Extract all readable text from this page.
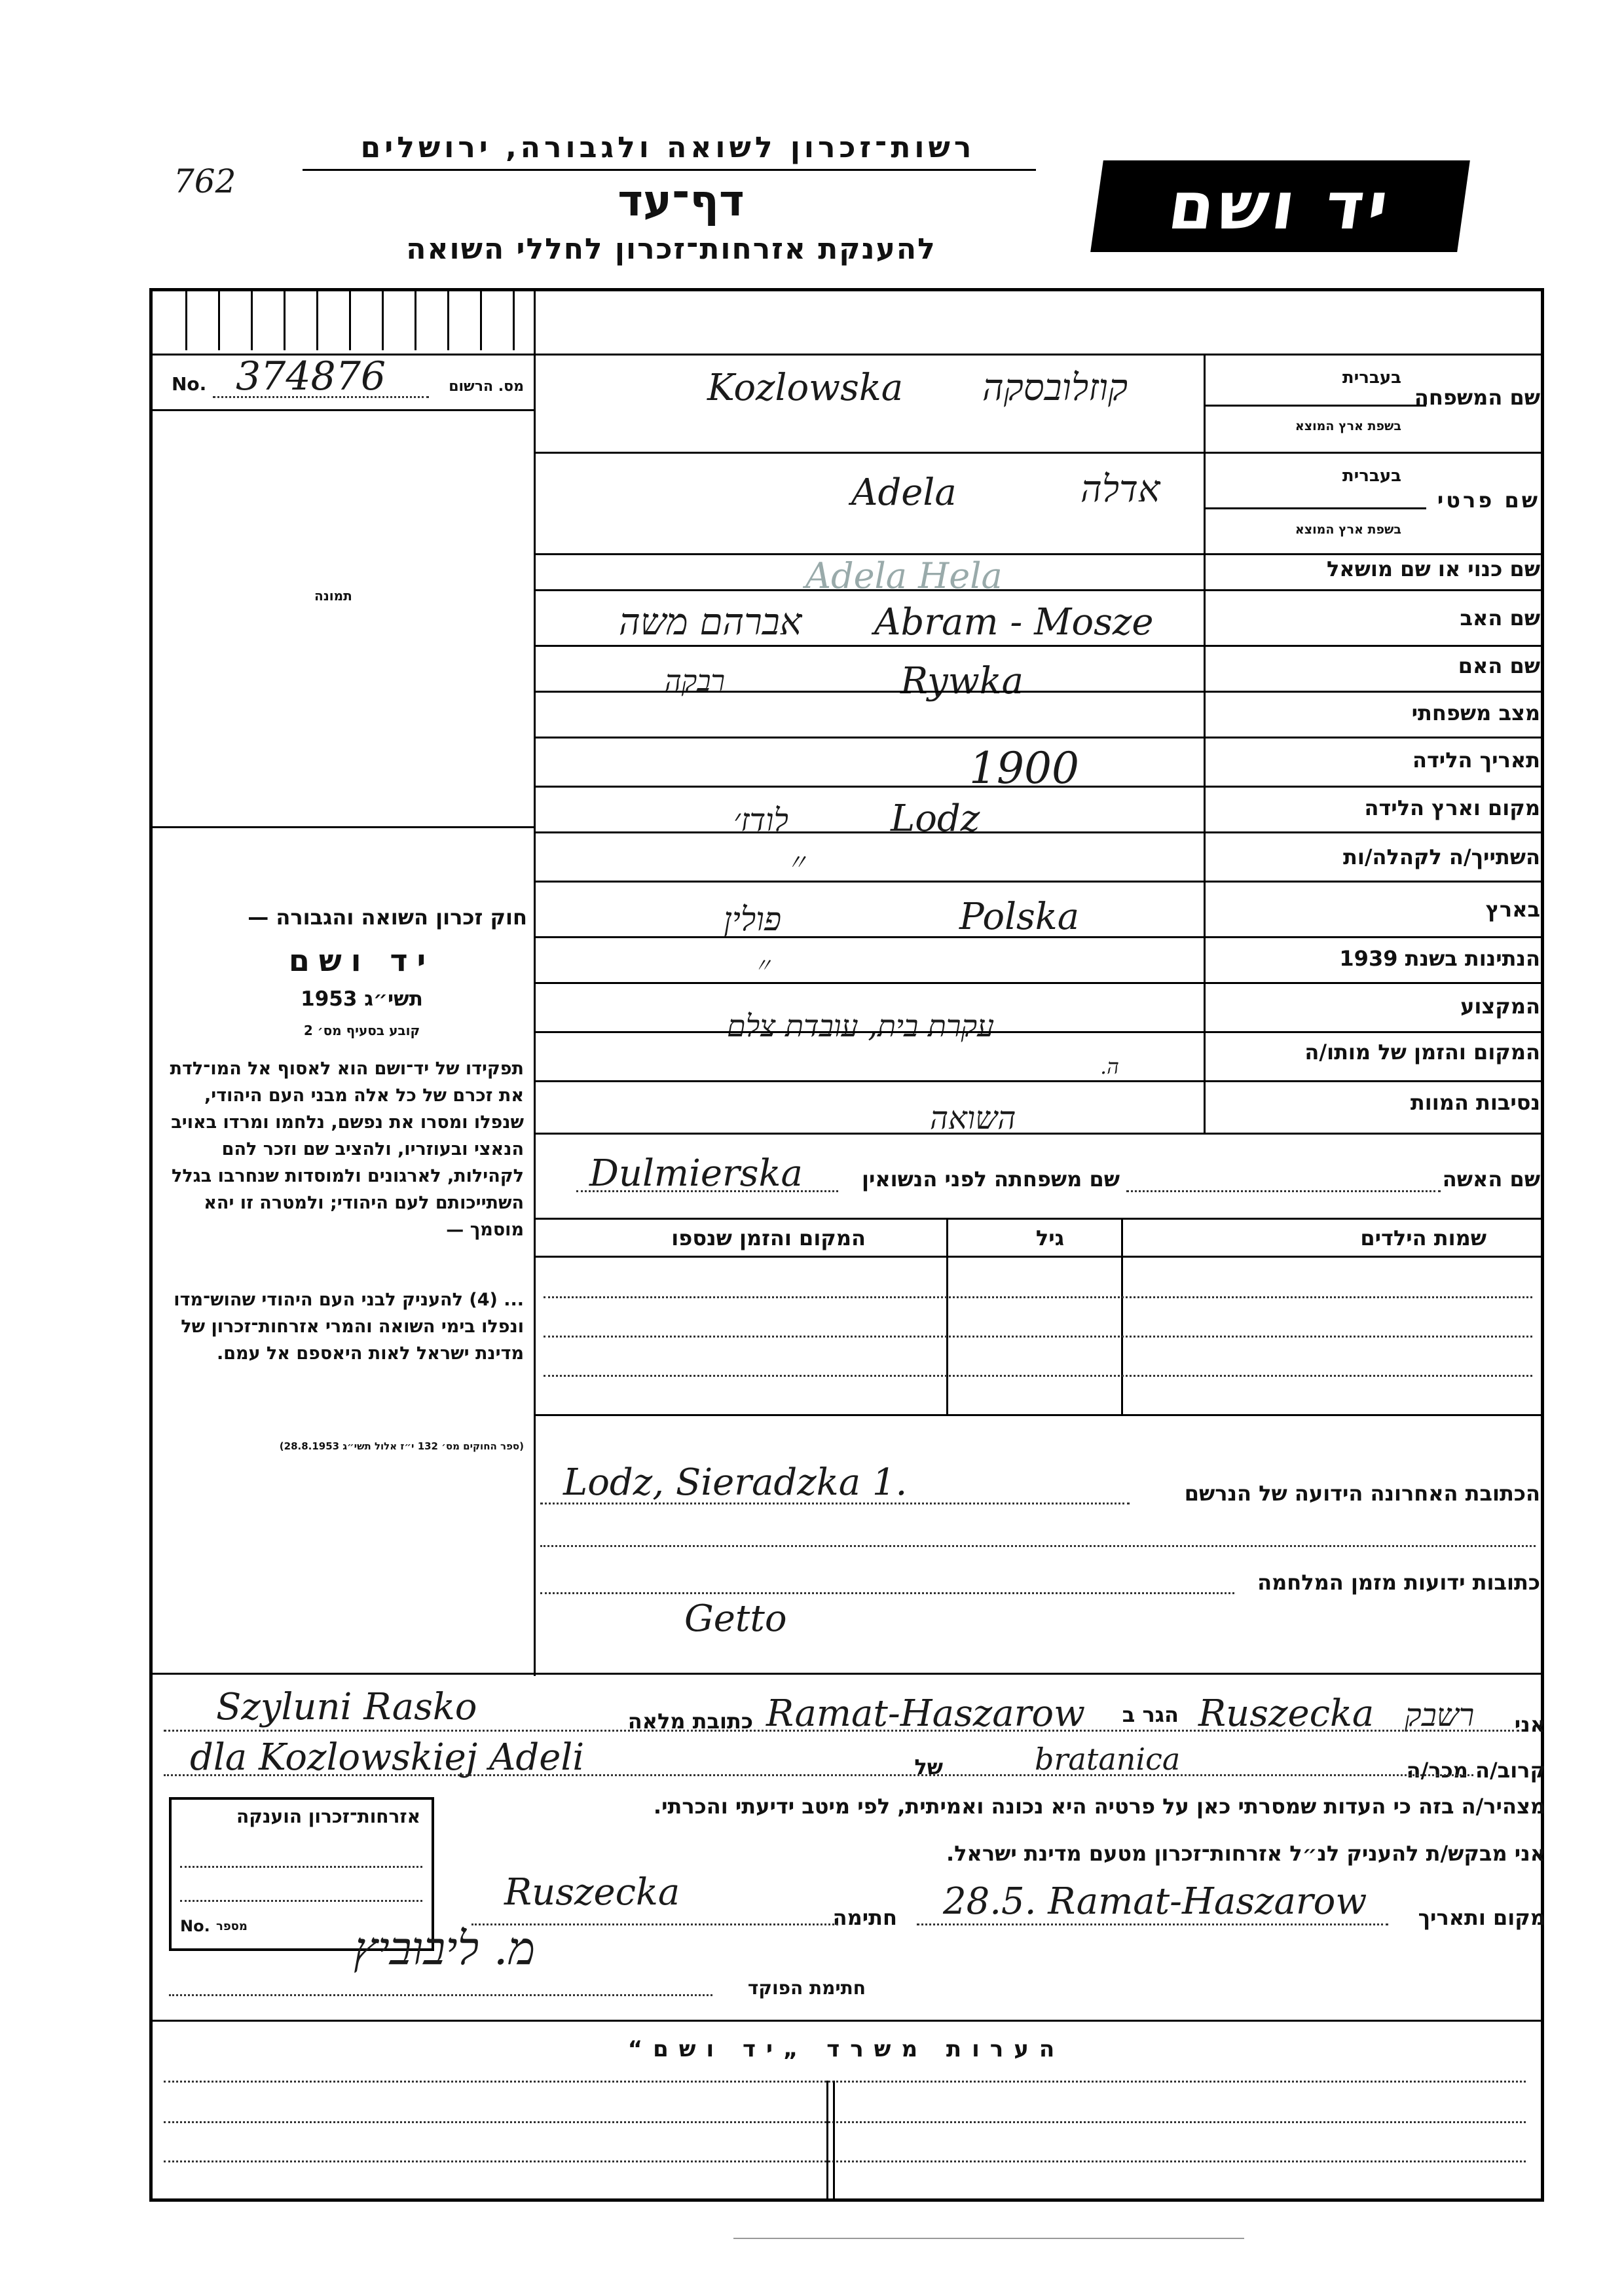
762
רשות־זכרון לשואה ולגבורה, ירושלים
דף־עד
להענקת אזרחות־זכרון לחללי השואה
יד ושם
No. 374876	מס. הרשום
תמונה
חוק זכרון השואה והגבורה —
יד ושם
תשי״ג 1953
קובע בסעיף מס׳ 2
תפקידו של יד־ושם הוא לאסוף אל המו־לדת את זכרם של כל אלה מבני העם היהודי, שנפלו ומסרו את נפשם, נלחמו ומרדו באויב הנאצי ובעוזריו, ולהציב שם וזכר להם לקהילות, לארגונים ולמוסדות שנחרבו בגלל השתייכותם לעם היהודי; ולמטרה זו יהא מוסמך —
... (4) להעניק לבני העם היהודי שהוש־מדו ונפלו בימי השואה והמרי אזרחות־זכרון של מדינת ישראל לאות היאספם אל עמם.
(ספר החוקים מס׳ 132 י״ז אלול תשי״ג 28.8.1953)
שם המשפחה
בעברית
בשפת ארץ המוצא
Kozlowska קוזלובסקה
שם פרטי
בעברית
בשפת ארץ המוצא
Adela	אדלה
שם כנוי או שם מושאל
Adela Hela
שם האב
Abram - Mosze
אברהם משה
שם האם
Rywka
רבקה
מצב משפחתי
תאריך הלידה
1900
מקום וארץ הלידה
Lodz
לודז׳
השתייך/ה לקהלה/ות
〃
בארץ
Polska
פולין
הנתינות בשנת 1939
〃
המקצוע
עקרת בית, עובדת צלם
המקום והזמן של מותו/ה
ה.
נסיבות המוות
השואה
שם האשה
שם משפחתה לפני הנשואין
Dulmierska
שמות הילדים
גיל
המקום והזמן שנספו
הכתובת האחרונה הידועה של הנרשם
Lodz, Sieradzka 1.
כתובות ידועות מזמן המלחמה
Getto
אני
רשבק
Ruszecka
הגר ב
Ramat-Haszarow
כתובת מלאה
Szyluni Rasko
קרוב/ה מכר/ה
bratanica
של
dla Kozlowskiej Adeli
מצהיר/ה בזה כי העדות שמסרתי כאן על פרטיה היא נכונה ואמיתית, לפי מיטב ידיעתי והכרתי.
אני מבקש/ת להעניק לנ״ל אזרחות־זכרון מטעם מדינת ישראל.
מקום ותאריך
28.5. Ramat-Haszarow
חתימה
Ruszecka
אזרחות־זכרון הוענקה
No. מספר מ. ליבוביץ
חתימת הפוקד
הערות משרד „יד ושם“
